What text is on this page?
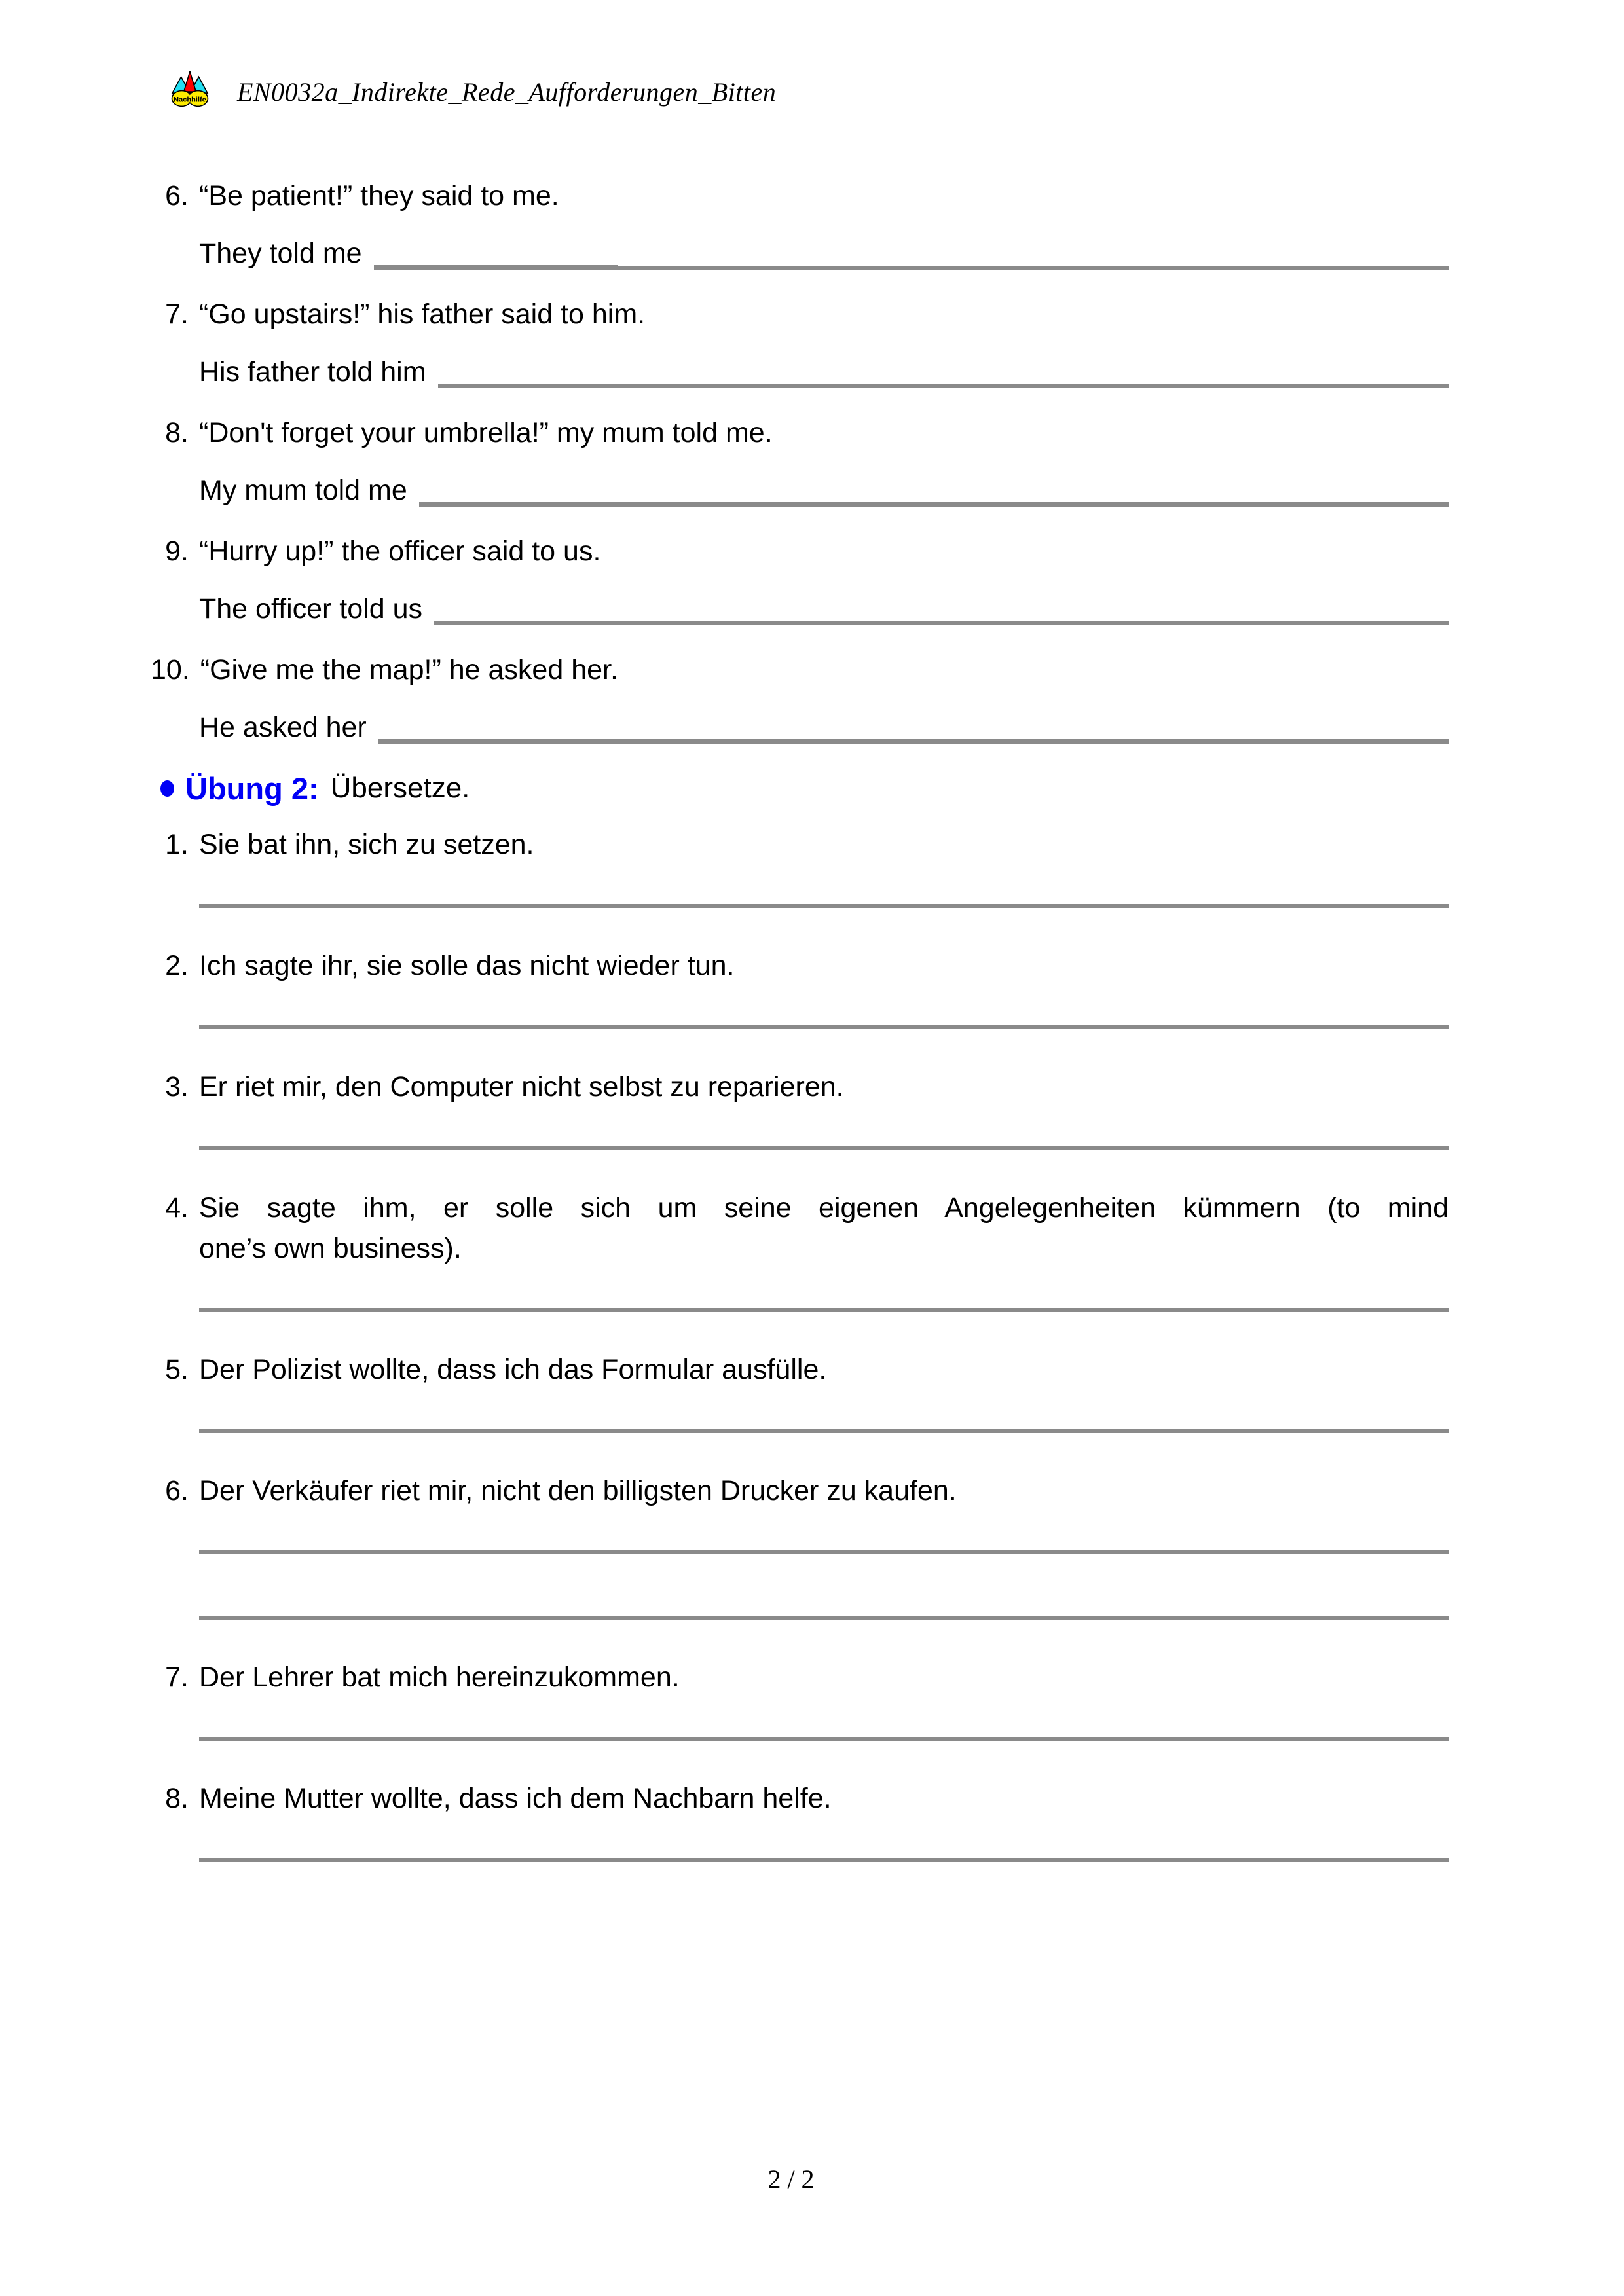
Nachhilfe EN0032a_Indirekte_Rede_Aufforderungen_Bitten
6. “Be patient!” they said to me.
They told me
7. “Go upstairs!” his father said to him.
His father told him
8. “Don't forget your umbrella!” my mum told me.
My mum told me
9. “Hurry up!” the officer said to us.
The officer told us
10. “Give me the map!” he asked her.
He asked her
Übung 2: Übersetze.
1. Sie bat ihn, sich zu setzen.
2. Ich sagte ihr, sie solle das nicht wieder tun.
3. Er riet mir, den Computer nicht selbst zu reparieren.
4. Sie sagte ihm, er solle sich um seine eigenen Angelegenheiten kümmern (to mind
one’s own business).
5. Der Polizist wollte, dass ich das Formular ausfülle.
6. Der Verkäufer riet mir, nicht den billigsten Drucker zu kaufen.
7. Der Lehrer bat mich hereinzukommen.
8. Meine Mutter wollte, dass ich dem Nachbarn helfe.
2 / 2
